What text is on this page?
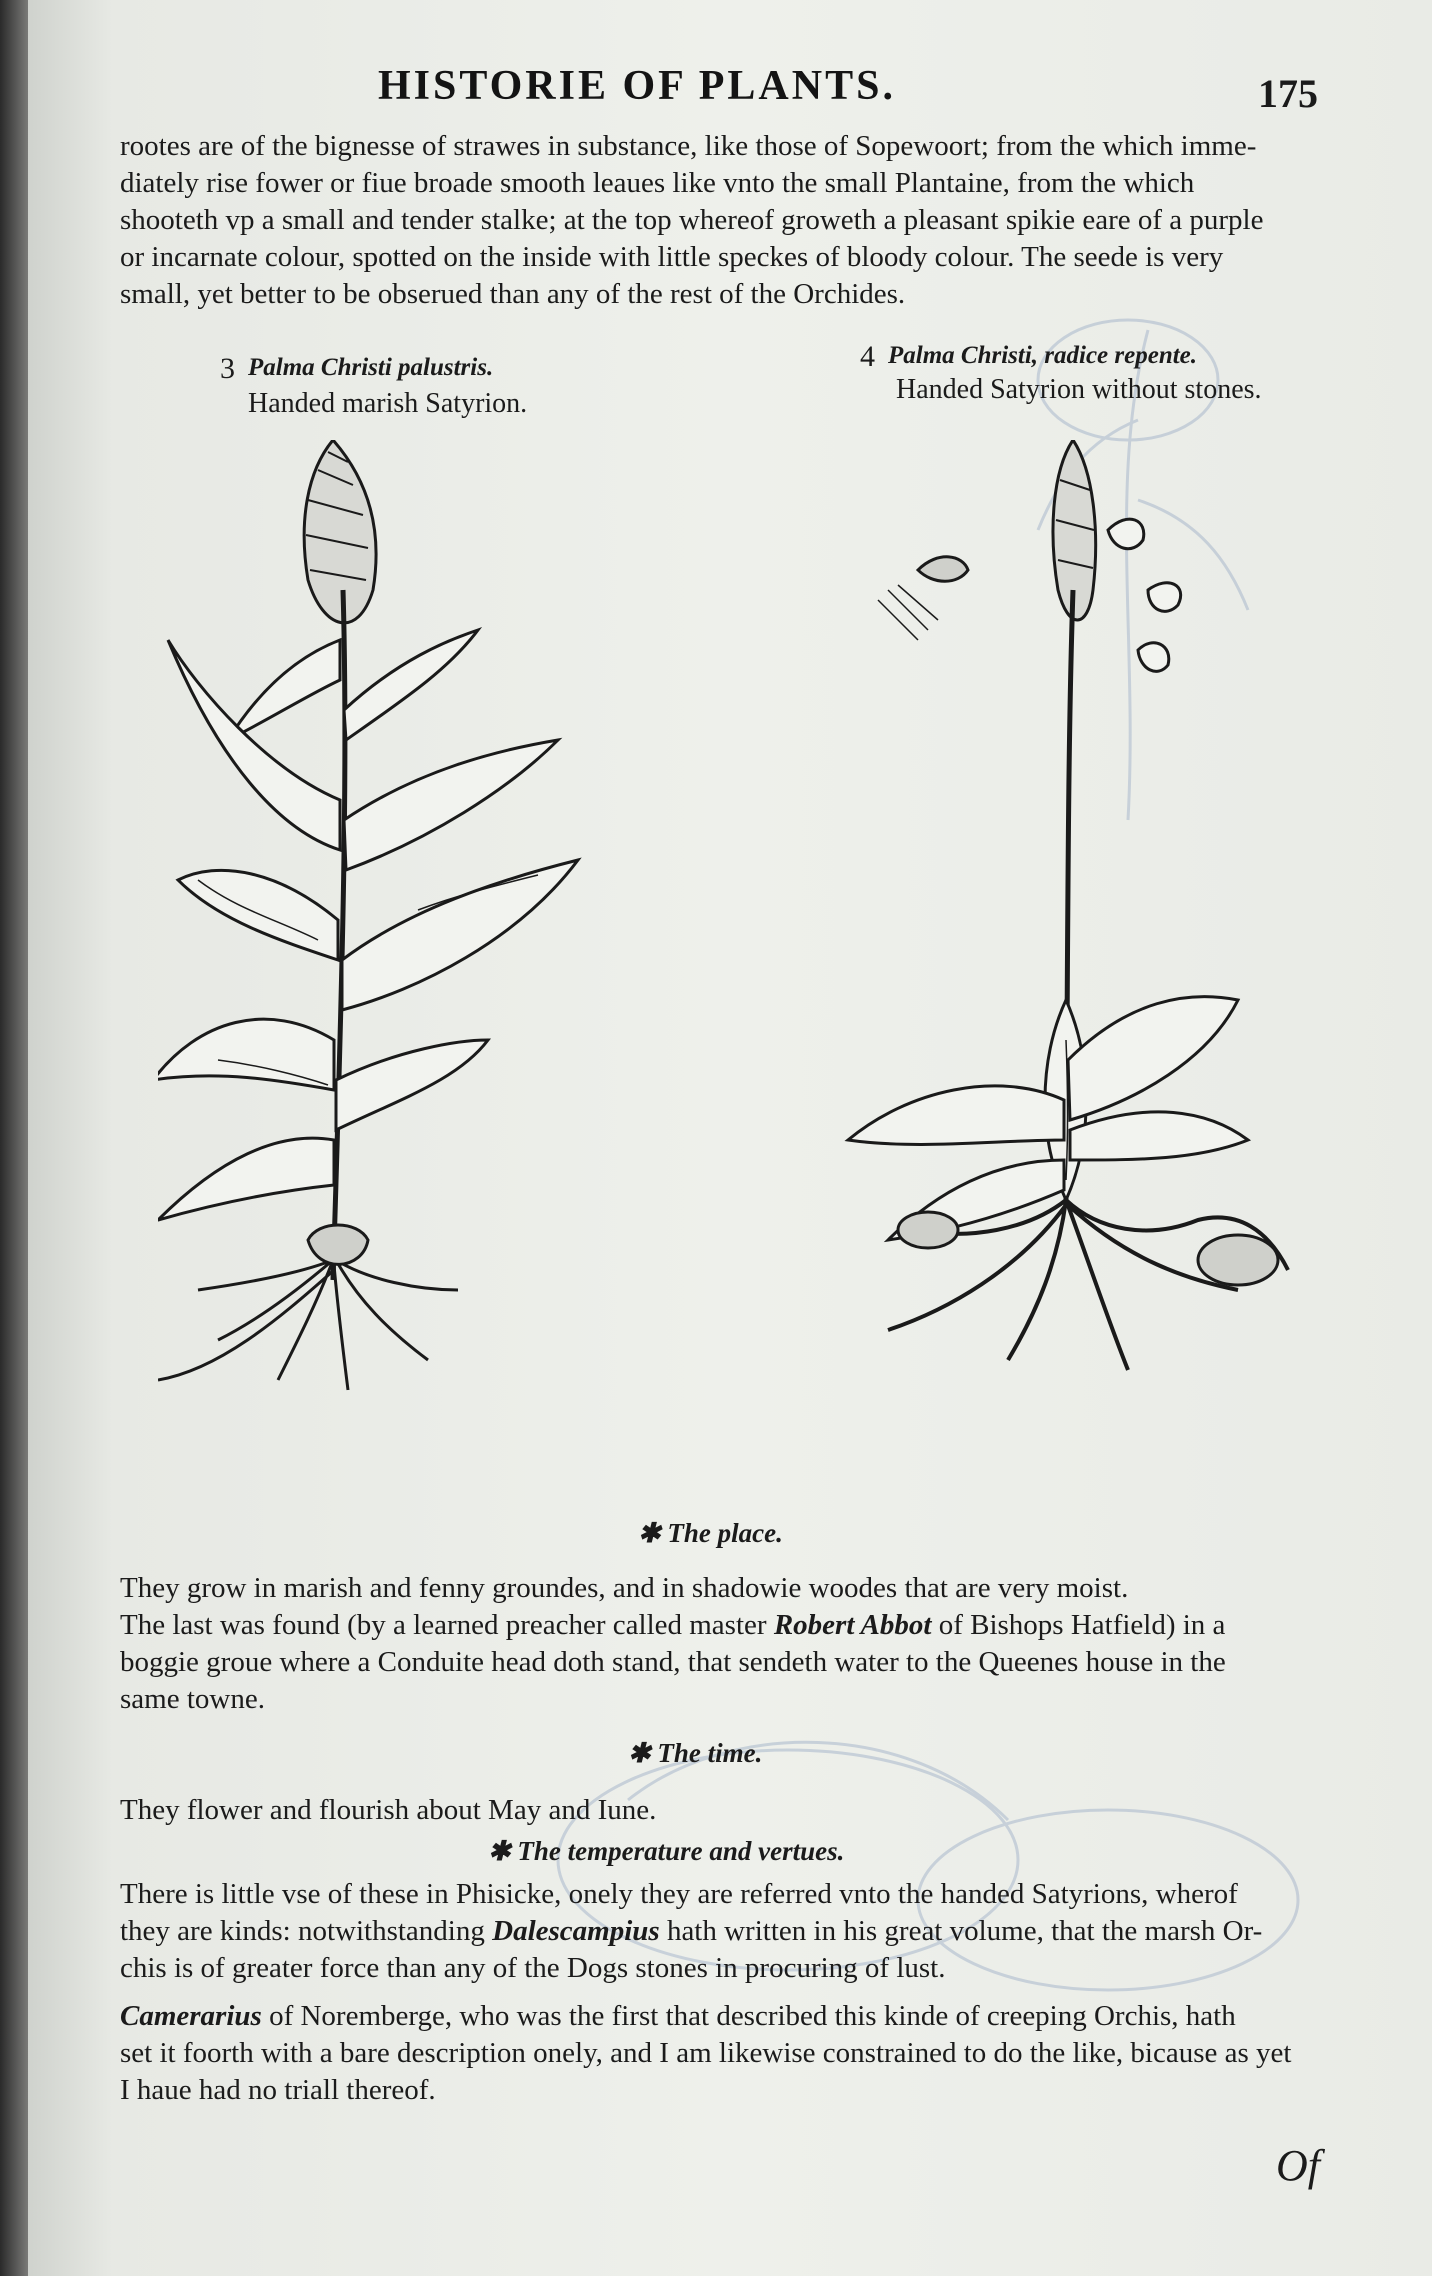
HISTORIE OF PLANTS.	175
rootes are of the bignesse of strawes in substance, like those of Sopewoort; from the which imme-
diately rise fower or fiue broade smooth leaues like vnto the small Plantaine, from the which
shooteth vp a small and tender stalke; at the top whereof groweth a pleasant spikie eare of a purple
or incarnate colour, spotted on the inside with little speckes of bloody colour. The seede is very
small, yet better to be obserued than any of the rest of the Orchides.
3 Palma Christi palustris.
Handed marish Satyrion.
4 Palma Christi, radice repente.
Handed Satyrion without stones.
✱ The place.
They grow in marish and fenny groundes, and in shadowie woodes that are very moist.
The last was found (by a learned preacher called master Robert Abbot of Bishops Hatfield) in a
boggie groue where a Conduite head doth stand, that sendeth water to the Queenes house in the
same towne.
✱ The time.
They flower and flourish about May and Iune.
✱ The temperature and vertues.
There is little vse of these in Phisicke, onely they are referred vnto the handed Satyrions, wherof
they are kinds: notwithstanding Dalescampius hath written in his great volume, that the marsh Or-
chis is of greater force than any of the Dogs stones in procuring of lust.
Camerarius of Noremberge, who was the first that described this kinde of creeping Orchis, hath
set it foorth with a bare description onely, and I am likewise constrained to do the like, bicause as yet
I haue had no triall thereof.
Of
